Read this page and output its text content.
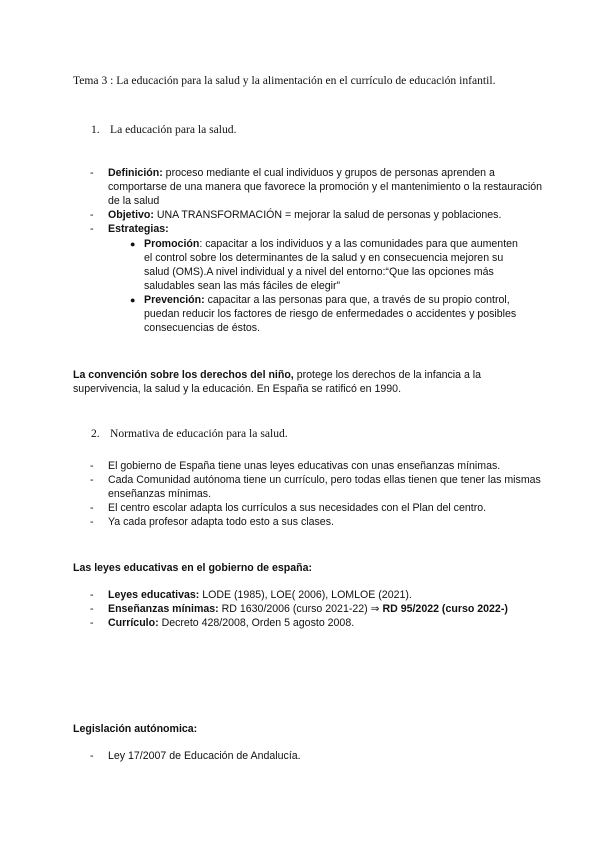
Tema 3 : La educación para la salud y la alimentación en el currículo de educación infantil.
1. La educación para la salud.
- Definición: proceso mediante el cual individuos y grupos de personas aprenden a comportarse de una manera que favorece la promoción y el mantenimiento o la restauración de la salud
- Objetivo: UNA TRANSFORMACIÓN = mejorar la salud de personas y poblaciones.
- Estrategias:
● Promoción: capacitar a los individuos y a las comunidades para que aumenten el control sobre los determinantes de la salud y en consecuencia mejoren su salud (OMS).A nivel individual y a nivel del entorno:“Que las opciones más saludables sean las más fáciles de elegir”
● Prevención: capacitar a las personas para que, a través de su propio control, puedan reducir los factores de riesgo de enfermedades o accidentes y posibles consecuencias de éstos.

La convención sobre los derechos del niño, protege los derechos de la infancia a la supervivencia, la salud y la educación. En España se ratificó en 1990.

2. Normativa de educación para la salud.
- El gobierno de España tiene unas leyes educativas con unas enseñanzas mínimas.
- Cada Comunidad autónoma tiene un currículo, pero todas ellas tienen que tener las mismas enseñanzas mínimas.
- El centro escolar adapta los currículos a sus necesidades con el Plan del centro.
- Ya cada profesor adapta todo esto a sus clases.
Las leyes educativas en el gobierno de españa:
- Leyes educativas: LODE (1985), LOE( 2006), LOMLOE (2021).
- Enseñanzas mínimas: RD 1630/2006 (curso 2021-22) ⇒ RD 95/2022 (curso 2022-)
- Currículo: Decreto 428/2008, Orden 5 agosto 2008.
Legislación autónomica:
- Ley 17/2007 de Educación de Andalucía.
